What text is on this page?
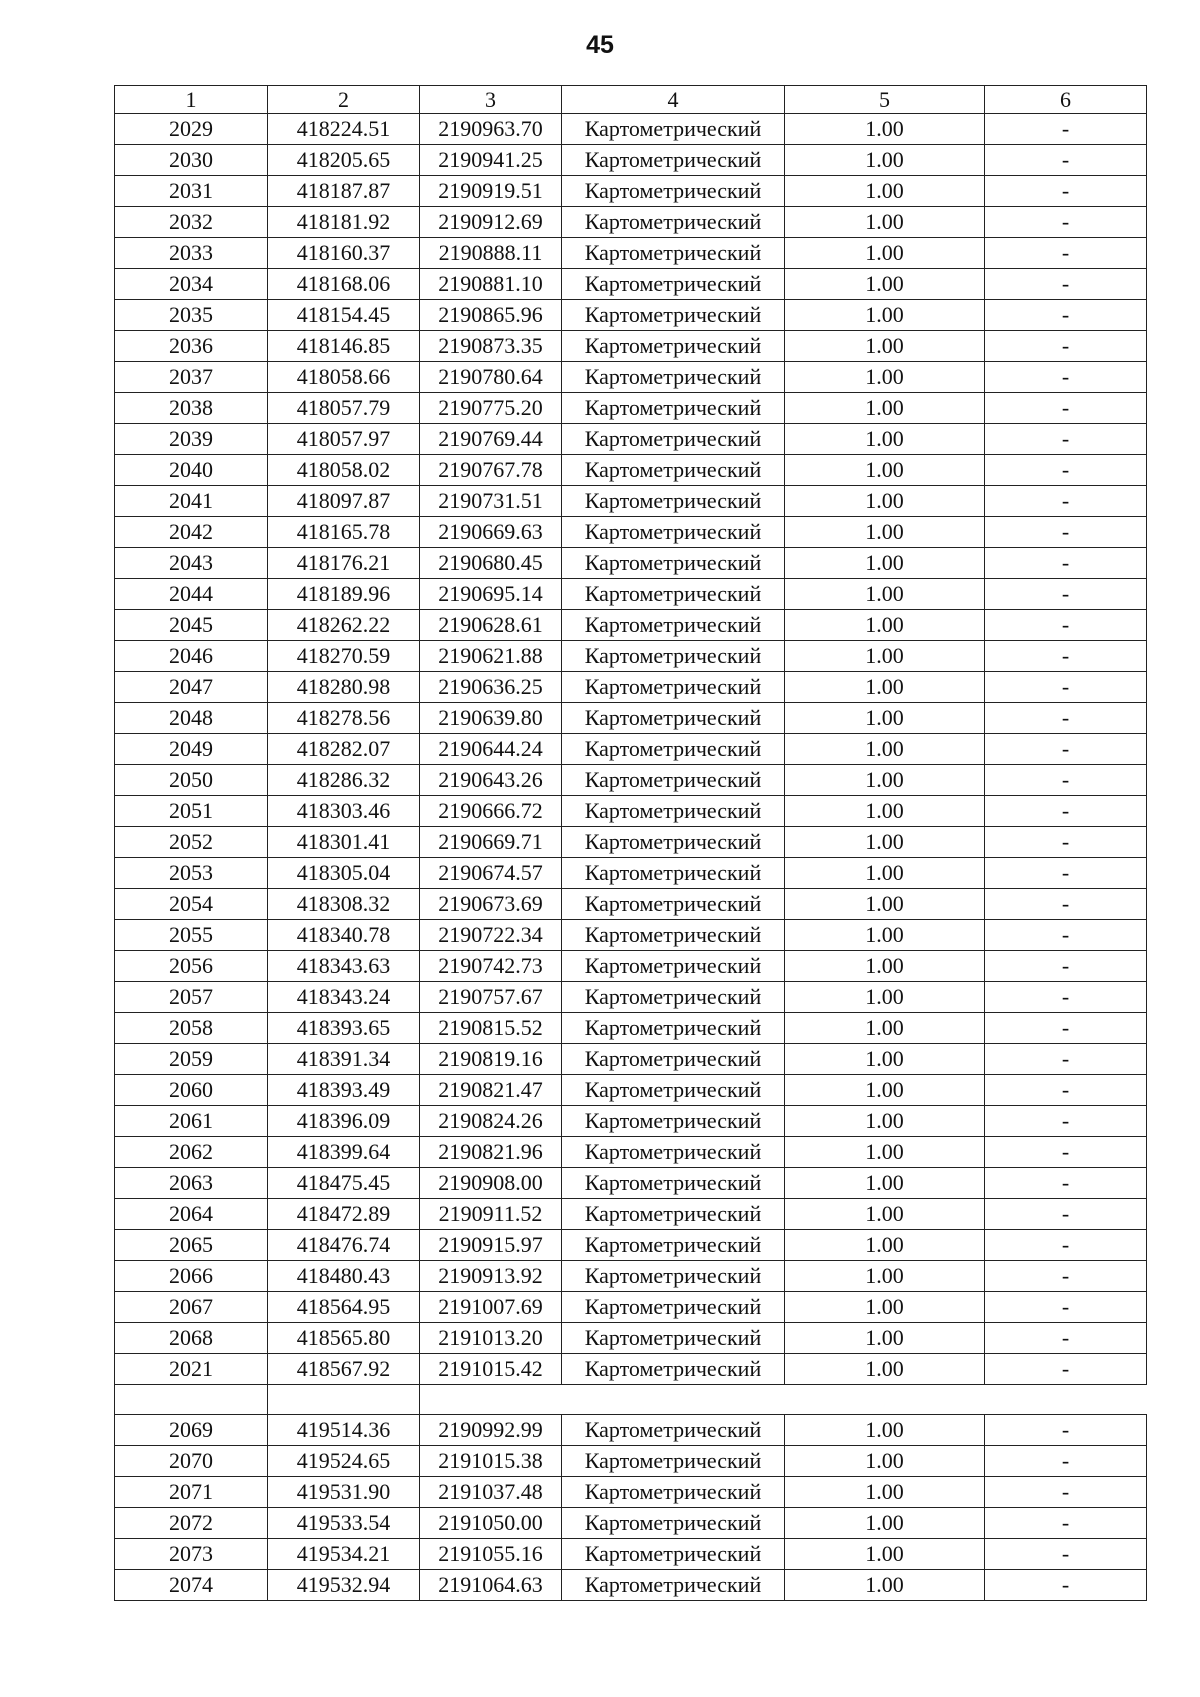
45
1	2	3	4	5	6
2029	418224.51	2190963.70	Картометрический	1.00	-
2030	418205.65	2190941.25	Картометрический	1.00	-
2031	418187.87	2190919.51	Картометрический	1.00	-
2032	418181.92	2190912.69	Картометрический	1.00	-
2033	418160.37	2190888.11	Картометрический	1.00	-
2034	418168.06	2190881.10	Картометрический	1.00	-
2035	418154.45	2190865.96	Картометрический	1.00	-
2036	418146.85	2190873.35	Картометрический	1.00	-
2037	418058.66	2190780.64	Картометрический	1.00	-
2038	418057.79	2190775.20	Картометрический	1.00	-
2039	418057.97	2190769.44	Картометрический	1.00	-
2040	418058.02	2190767.78	Картометрический	1.00	-
2041	418097.87	2190731.51	Картометрический	1.00	-
2042	418165.78	2190669.63	Картометрический	1.00	-
2043	418176.21	2190680.45	Картометрический	1.00	-
2044	418189.96	2190695.14	Картометрический	1.00	-
2045	418262.22	2190628.61	Картометрический	1.00	-
2046	418270.59	2190621.88	Картометрический	1.00	-
2047	418280.98	2190636.25	Картометрический	1.00	-
2048	418278.56	2190639.80	Картометрический	1.00	-
2049	418282.07	2190644.24	Картометрический	1.00	-
2050	418286.32	2190643.26	Картометрический	1.00	-
2051	418303.46	2190666.72	Картометрический	1.00	-
2052	418301.41	2190669.71	Картометрический	1.00	-
2053	418305.04	2190674.57	Картометрический	1.00	-
2054	418308.32	2190673.69	Картометрический	1.00	-
2055	418340.78	2190722.34	Картометрический	1.00	-
2056	418343.63	2190742.73	Картометрический	1.00	-
2057	418343.24	2190757.67	Картометрический	1.00	-
2058	418393.65	2190815.52	Картометрический	1.00	-
2059	418391.34	2190819.16	Картометрический	1.00	-
2060	418393.49	2190821.47	Картометрический	1.00	-
2061	418396.09	2190824.26	Картометрический	1.00	-
2062	418399.64	2190821.96	Картометрический	1.00	-
2063	418475.45	2190908.00	Картометрический	1.00	-
2064	418472.89	2190911.52	Картометрический	1.00	-
2065	418476.74	2190915.97	Картометрический	1.00	-
2066	418480.43	2190913.92	Картометрический	1.00	-
2067	418564.95	2191007.69	Картометрический	1.00	-
2068	418565.80	2191013.20	Картометрический	1.00	-
2021	418567.92	2191015.42	Картометрический	1.00	-

2069	419514.36	2190992.99	Картометрический	1.00	-
2070	419524.65	2191015.38	Картометрический	1.00	-
2071	419531.90	2191037.48	Картометрический	1.00	-
2072	419533.54	2191050.00	Картометрический	1.00	-
2073	419534.21	2191055.16	Картометрический	1.00	-
2074	419532.94	2191064.63	Картометрический	1.00	-
